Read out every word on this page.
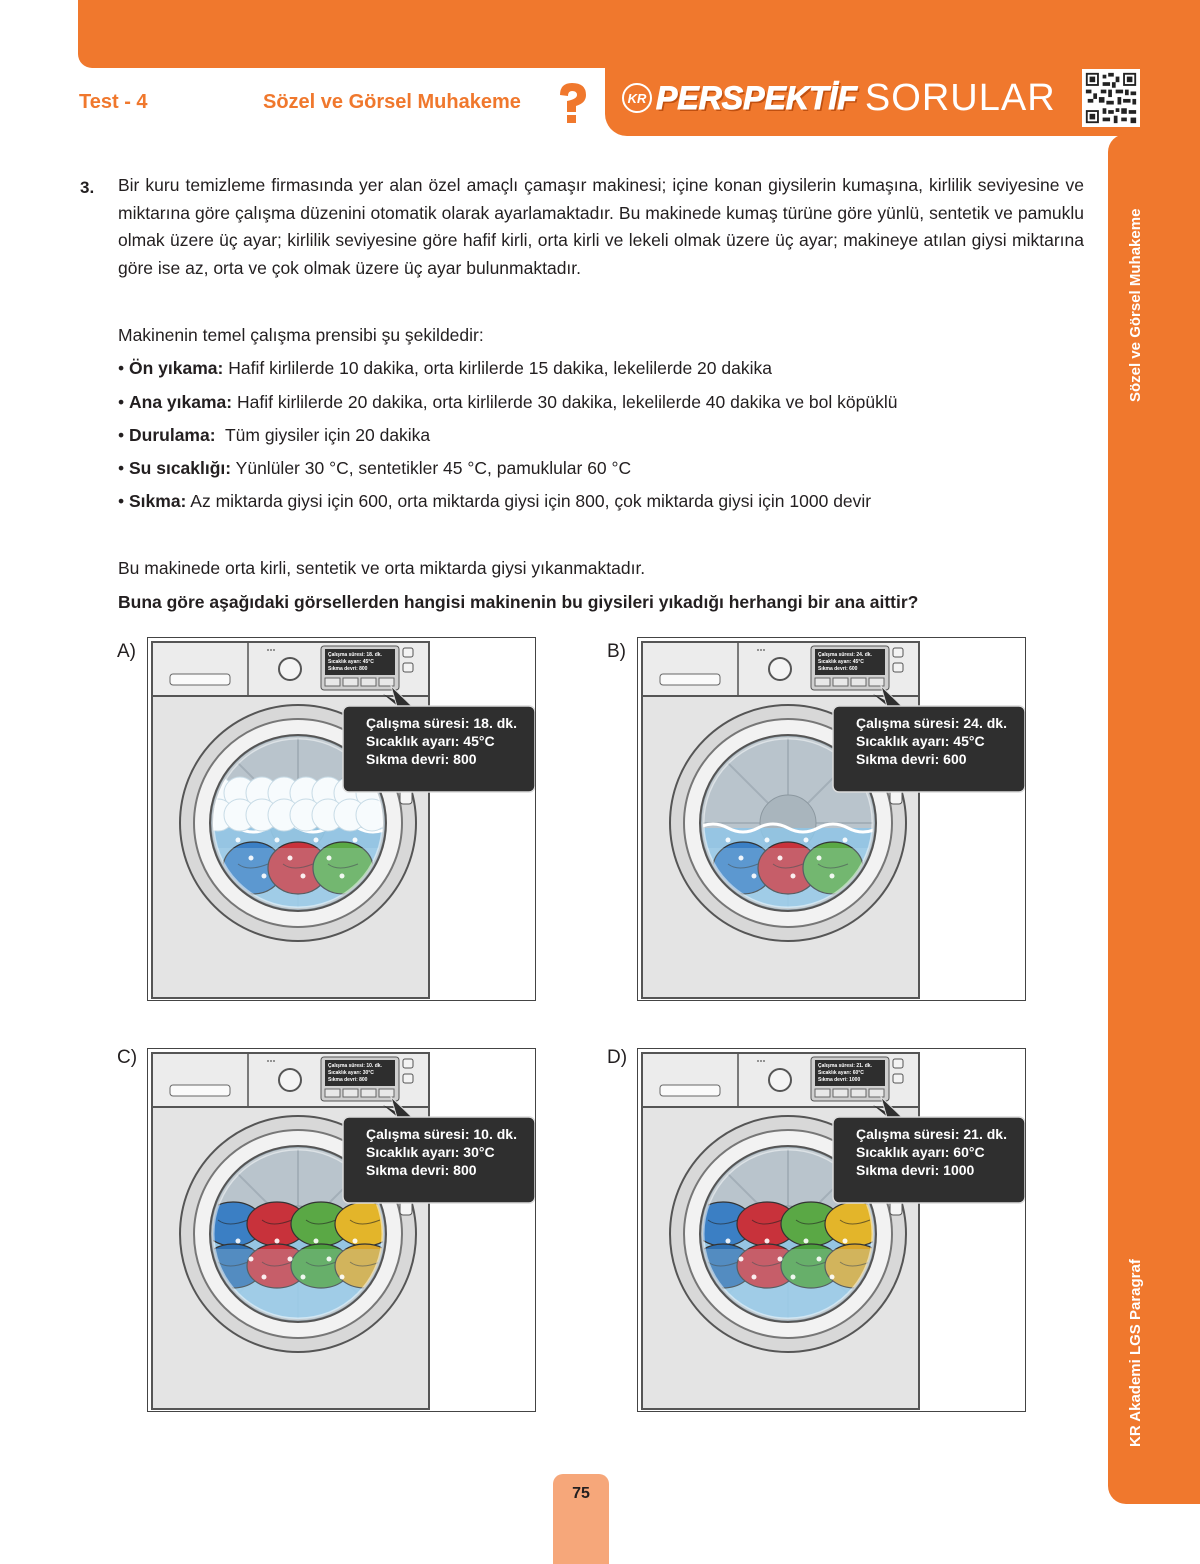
Test - 4	Sözel ve Görsel Muhakeme	KR PERSPEKTİF SORULAR
Sözel ve Görsel Muhakeme
KR Akademi LGS Paragraf
3. Bir kuru temizleme firmasında yer alan özel amaçlı çamaşır makinesi; içine konan giysilerin kumaşına, kirlilik seviyesine ve miktarına göre çalışma düzenini otomatik olarak ayarlamaktadır. Bu makinede kumaş türüne göre yünlü, sentetik ve pamuklu olmak üzere üç ayar; kirlilik seviyesine göre hafif kirli, orta kirli ve lekeli olmak üzere üç ayar; makineye atılan giysi miktarına göre ise az, orta ve çok olmak üzere üç ayar bulunmaktadır.
Makinenin temel çalışma prensibi şu şekildedir:
• Ön yıkama: Hafif kirlilerde 10 dakika, orta kirlilerde 15 dakika, lekelilerde 20 dakika
• Ana yıkama: Hafif kirlilerde 20 dakika, orta kirlilerde 30 dakika, lekelilerde 40 dakika ve bol köpüklü
• Durulama:  Tüm giysiler için 20 dakika
• Su sıcaklığı: Yünlüler 30 °C, sentetikler 45 °C, pamuklular 60 °C
• Sıkma: Az miktarda giysi için 600, orta miktarda giysi için 800, çok miktarda giysi için 1000 devir
Bu makinede orta kirli, sentetik ve orta miktarda giysi yıkanmaktadır.
Buna göre aşağıdaki görsellerden hangisi makinenin bu giysileri yıkadığı herhangi bir ana aittir?
A)	B)
C)	D)
Çalışma süresi: 18. dk.
Sıcaklık ayarı: 45°C
Sıkma devri: 800
Çalışma süresi: 18. dk.
Sıcaklık ayarı: 45°C
Sıkma devri: 800
Çalışma süresi: 24. dk.
Sıcaklık ayarı: 45°C
Sıkma devri: 600
Çalışma süresi: 24. dk.
Sıcaklık ayarı: 45°C
Sıkma devri: 600
Çalışma süresi: 10. dk.
Sıcaklık ayarı: 30°C
Sıkma devri: 800
Çalışma süresi: 10. dk.
Sıcaklık ayarı: 30°C
Sıkma devri: 800
Çalışma süresi: 21. dk.
Sıcaklık ayarı: 60°C
Sıkma devri: 1000
Çalışma süresi: 21. dk.
Sıcaklık ayarı: 60°C
Sıkma devri: 1000
75
